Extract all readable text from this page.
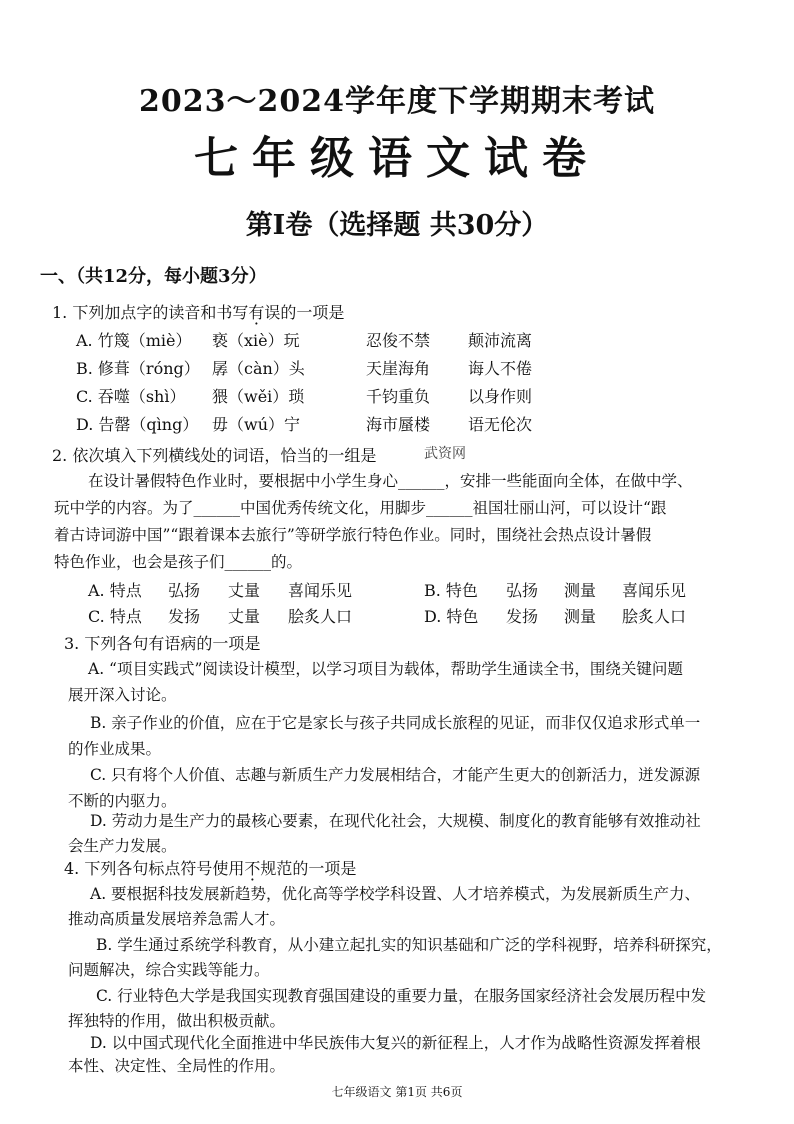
2023～2024学年度下学期期末考试
七年级语文试卷
第Ⅰ卷（选择题 共30分）
一、（共12分，每小题3分）
1. 下列加点字的读音和书写有误的一项是
A. 竹篾（miè） 亵（xiè）玩	忍俊不禁 颠沛流离
B. 修葺（róng） 孱（càn）头	天崖海角 诲人不倦
C. 吞噬（shì） 猥（wěi）琐	千钧重负 以身作则
D. 告罄（qìng） 毋（wú）宁	海市蜃楼 语无伦次
2. 依次填入下列横线处的词语，恰当的一组是	武资网
在设计暑假特色作业时，要根据中小学生身心______，安排一些能面向全体，在做中学、
玩中学的内容。为了______中国优秀传统文化，用脚步______祖国壮丽山河，可以设计“跟
着古诗词游中国”“跟着课本去旅行”等研学旅行特色作业。同时，围绕社会热点设计暑假
特色作业，也会是孩子们______的。
A. 特点 弘扬 丈量 喜闻乐见	B. 特色 弘扬 测量 喜闻乐见
C. 特点 发扬 丈量 脍炙人口	D. 特色 发扬 测量 脍炙人口
3. 下列各句有语病的一项是
A. “项目实践式”阅读设计模型，以学习项目为载体，帮助学生通读全书，围绕关键问题
展开深入讨论。
B. 亲子作业的价值，应在于它是家长与孩子共同成长旅程的见证，而非仅仅追求形式单一
的作业成果。
C. 只有将个人价值、志趣与新质生产力发展相结合，才能产生更大的创新活力，迸发源源
不断的内驱力。
D. 劳动力是生产力的最核心要素，在现代化社会，大规模、制度化的教育能够有效推动社
会生产力发展。
4. 下列各句标点符号使用不规范的一项是
A. 要根据科技发展新趋势，优化高等学校学科设置、人才培养模式，为发展新质生产力、
推动高质量发展培养急需人才。
B. 学生通过系统学科教育，从小建立起扎实的知识基础和广泛的学科视野，培养科研探究，
问题解决，综合实践等能力。
C. 行业特色大学是我国实现教育强国建设的重要力量，在服务国家经济社会发展历程中发
挥独特的作用，做出积极贡献。
D. 以中国式现代化全面推进中华民族伟大复兴的新征程上，人才作为战略性资源发挥着根
本性、决定性、全局性的作用。
七年级语文 第1页 共6页
